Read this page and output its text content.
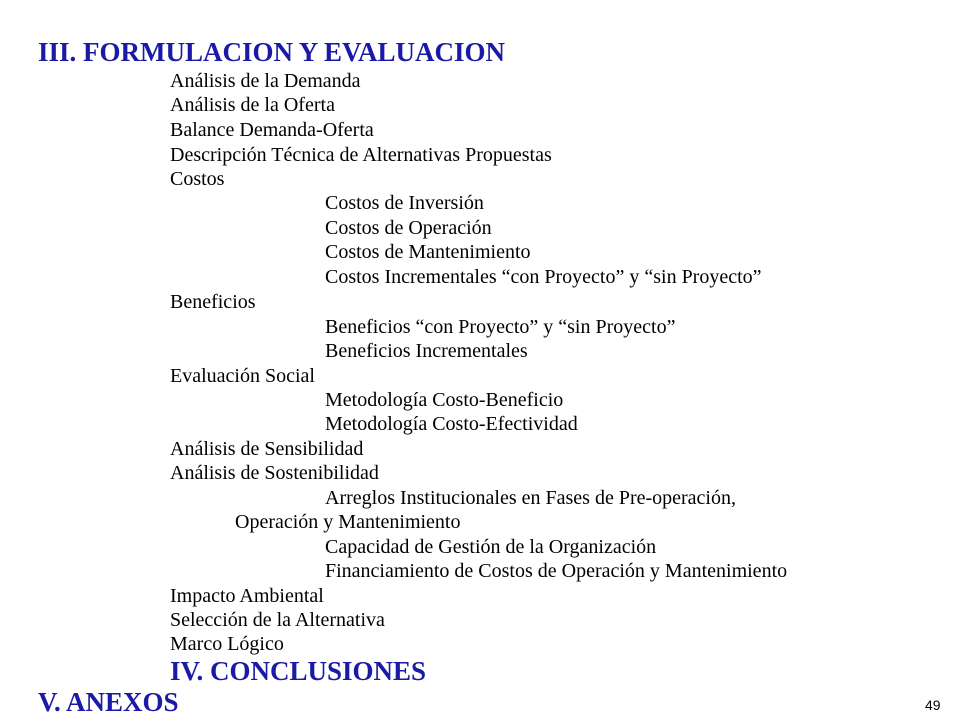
III. FORMULACION Y EVALUACION
Análisis de la Demanda
Análisis de la Oferta
Balance Demanda-Oferta
Descripción Técnica de Alternativas Propuestas
Costos
Costos de Inversión
Costos de Operación
Costos de Mantenimiento
Costos Incrementales “con Proyecto” y “sin Proyecto”
Beneficios
Beneficios “con Proyecto” y “sin Proyecto”
Beneficios Incrementales
Evaluación Social
Metodología Costo-Beneficio
Metodología Costo-Efectividad
Análisis de Sensibilidad
Análisis de Sostenibilidad
Arreglos Institucionales en Fases de Pre-operación,
Operación y Mantenimiento
Capacidad de Gestión de la Organización
Financiamiento de Costos de Operación y Mantenimiento
Impacto Ambiental
Selección de la Alternativa
Marco Lógico
IV. CONCLUSIONES
V. ANEXOS	49
